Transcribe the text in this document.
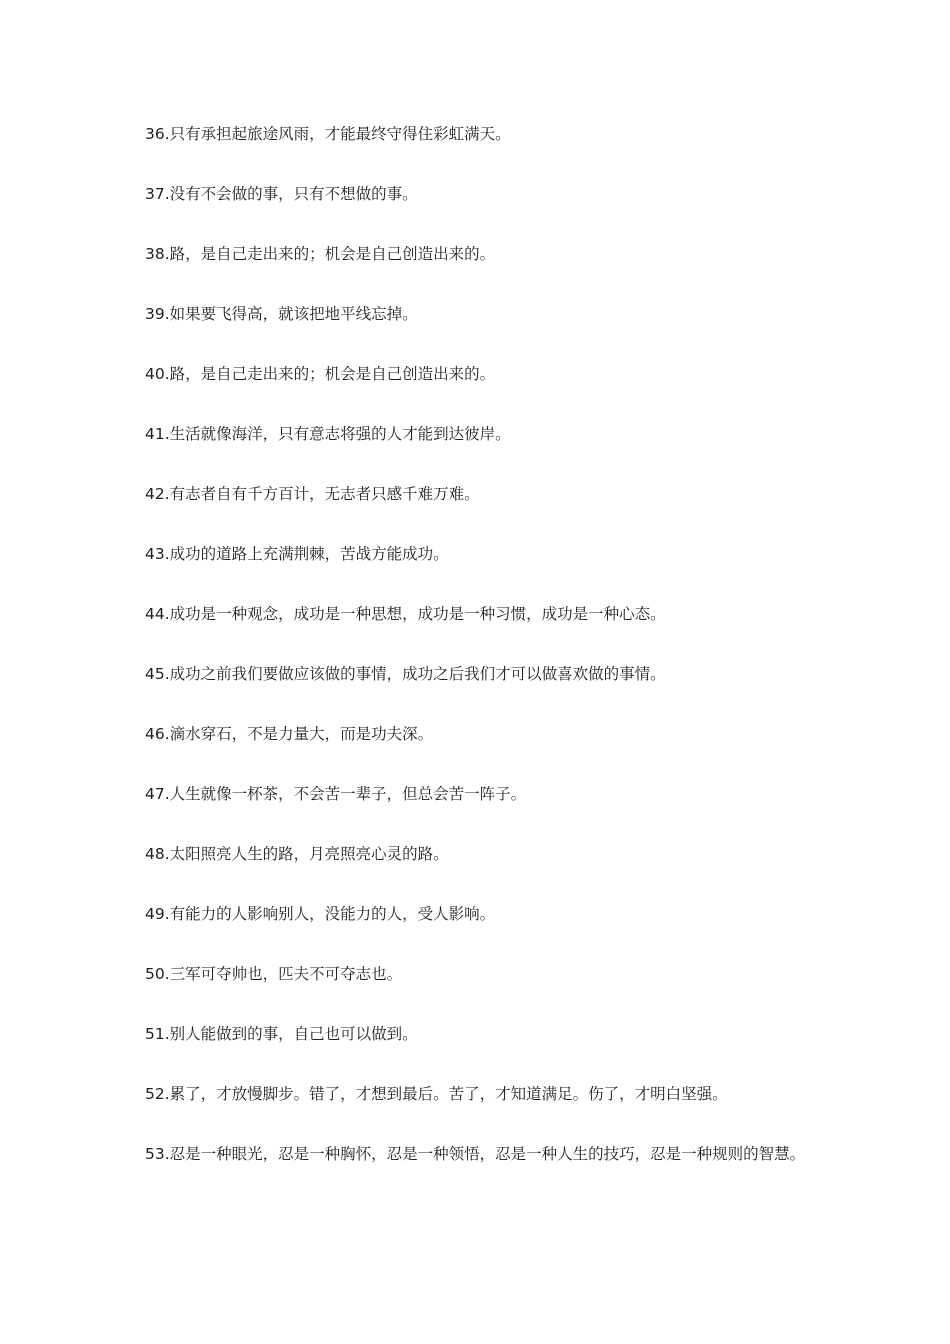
36.只有承担起旅途风雨，才能最终守得住彩虹满天。
37.没有不会做的事，只有不想做的事。
38.路，是自己走出来的；机会是自己创造出来的。
39.如果要飞得高，就该把地平线忘掉。
40.路，是自己走出来的；机会是自己创造出来的。
41.生活就像海洋，只有意志将强的人才能到达彼岸。
42.有志者自有千方百计，无志者只感千难万难。
43.成功的道路上充满荆棘，苦战方能成功。
44.成功是一种观念，成功是一种思想，成功是一种习惯，成功是一种心态。
45.成功之前我们要做应该做的事情，成功之后我们才可以做喜欢做的事情。
46.滴水穿石，不是力量大，而是功夫深。
47.人生就像一杯茶，不会苦一辈子，但总会苦一阵子。
48.太阳照亮人生的路，月亮照亮心灵的路。
49.有能力的人影响别人，没能力的人，受人影响。
50.三军可夺帅也，匹夫不可夺志也。
51.别人能做到的事，自己也可以做到。
52.累了，才放慢脚步。错了，才想到最后。苦了，才知道满足。伤了，才明白坚强。
53.忍是一种眼光，忍是一种胸怀，忍是一种领悟，忍是一种人生的技巧，忍是一种规则的智慧。
